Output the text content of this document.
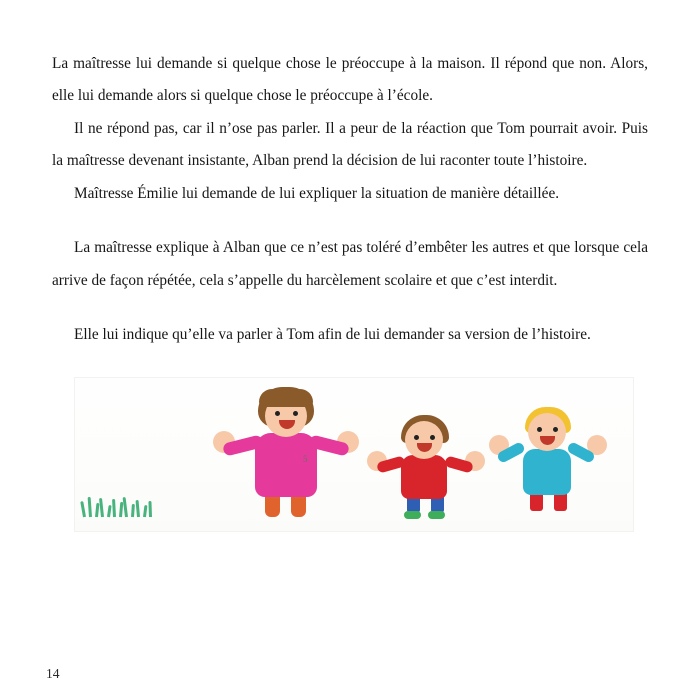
La maîtresse lui demande si quelque chose le préoccupe à la maison. Il répond que non. Alors, elle lui demande alors si quelque chose le préoccupe à l’école.

Il ne répond pas, car il n’ose pas parler. Il a peur de la réaction que Tom pourrait avoir. Puis la maîtresse devenant insistante, Alban prend la décision de lui raconter toute l’histoire.

Maîtresse Émilie lui demande de lui expliquer la situation de manière détaillée.

La maîtresse explique à Alban que ce n’est pas toléré d’embêter les autres et que lorsque cela arrive de façon répétée, cela s’appelle du harcèlement scolaire et que c’est interdit.

Elle lui indique qu’elle va parler à Tom afin de lui demander sa version de l’histoire.

5
14
